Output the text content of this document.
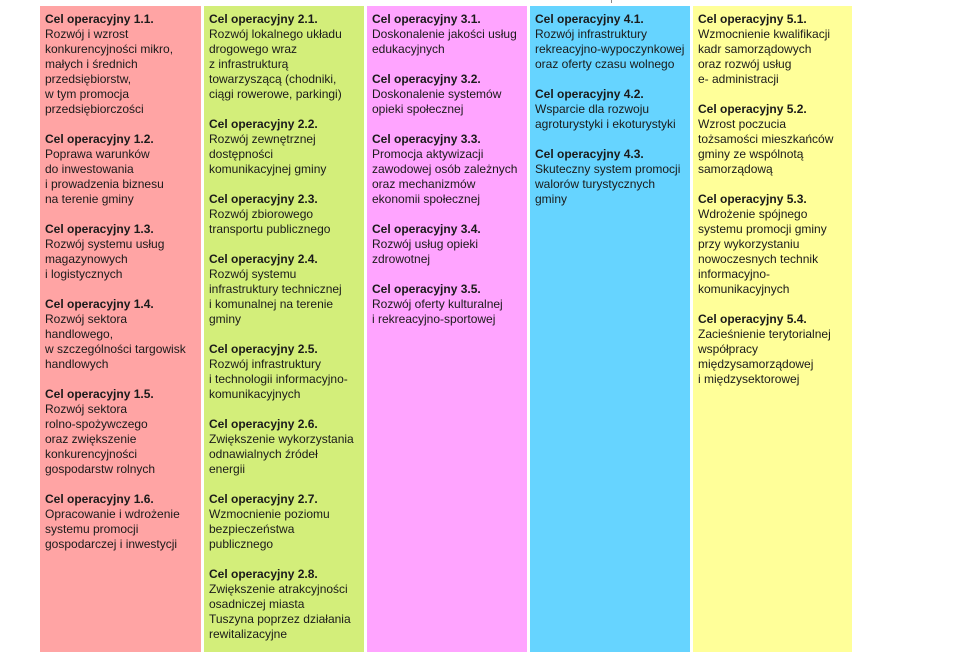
Cel operacyjny 1.1.
Rozwój i wzrost
konkurencyjności mikro,
małych i średnich
przedsiębiorstw,
w tym promocja
przedsiębiorczości
Cel operacyjny 1.2.
Poprawa warunków
do inwestowania
i prowadzenia biznesu
na terenie gminy
Cel operacyjny 1.3.
Rozwój systemu usług
magazynowych
i logistycznych
Cel operacyjny 1.4.
Rozwój sektora
handlowego,
w szczególności targowisk
handlowych
Cel operacyjny 1.5.
Rozwój sektora
rolno-spożywczego
oraz zwiększenie
konkurencyjności
gospodarstw rolnych
Cel operacyjny 1.6.
Opracowanie i wdrożenie
systemu promocji
gospodarczej i inwestycji
Cel operacyjny 2.1.
Rozwój lokalnego układu
drogowego wraz
z infrastrukturą
towarzyszącą (chodniki,
ciągi rowerowe, parkingi)
Cel operacyjny 2.2.
Rozwój zewnętrznej
dostępności
komunikacyjnej gminy
Cel operacyjny 2.3.
Rozwój zbiorowego
transportu publicznego
Cel operacyjny 2.4.
Rozwój systemu
infrastruktury technicznej
i komunalnej na terenie
gminy
Cel operacyjny 2.5.
Rozwój infrastruktury
i technologii informacyjno-
komunikacyjnych
Cel operacyjny 2.6.
Zwiększenie wykorzystania
odnawialnych źródeł
energii
Cel operacyjny 2.7.
Wzmocnienie poziomu
bezpieczeństwa
publicznego
Cel operacyjny 2.8.
Zwiększenie atrakcyjności
osadniczej miasta
Tuszyna poprzez działania
rewitalizacyjne
Cel operacyjny 3.1.
Doskonalenie jakości usług
edukacyjnych
Cel operacyjny 3.2.
Doskonalenie systemów
opieki społecznej
Cel operacyjny 3.3.
Promocja aktywizacji
zawodowej osób zależnych
oraz mechanizmów
ekonomii społecznej
Cel operacyjny 3.4.
Rozwój usług opieki
zdrowotnej
Cel operacyjny 3.5.
Rozwój oferty kulturalnej
i rekreacyjno-sportowej
Cel operacyjny 4.1.
Rozwój infrastruktury
rekreacyjno-wypoczynkowej
oraz oferty czasu wolnego
Cel operacyjny 4.2.
Wsparcie dla rozwoju
agroturystyki i ekoturystyki
Cel operacyjny 4.3.
Skuteczny system promocji
walorów turystycznych
gminy
Cel operacyjny 5.1.
Wzmocnienie kwalifikacji
kadr samorządowych
oraz rozwój usług
e- administracji
Cel operacyjny 5.2.
Wzrost poczucia
tożsamości mieszkańców
gminy ze wspólnotą
samorządową
Cel operacyjny 5.3.
Wdrożenie spójnego
systemu promocji gminy
przy wykorzystaniu
nowoczesnych technik
informacyjno-
komunikacyjnych
Cel operacyjny 5.4.
Zacieśnienie terytorialnej
współpracy
międzysamorządowej
i międzysektorowej
